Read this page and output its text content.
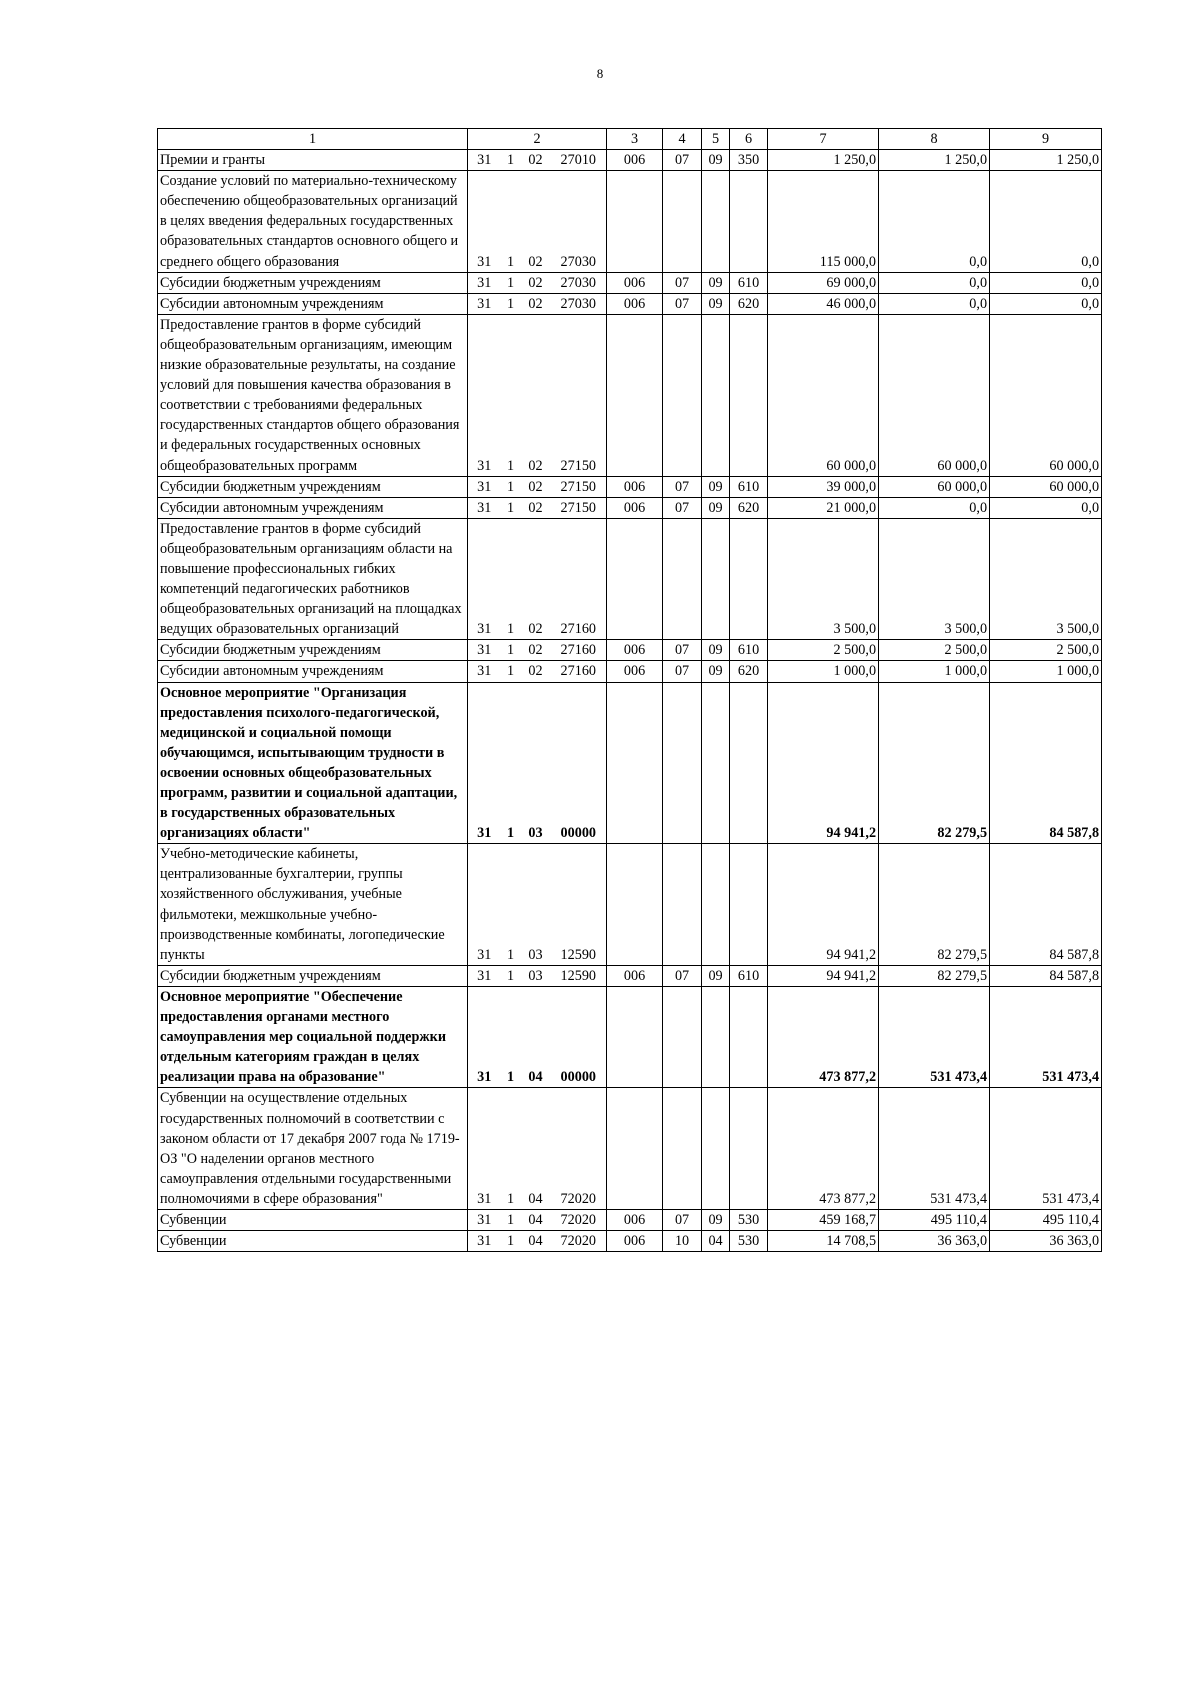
8
1	2				3	4	5	6	7	8	9
Премии и гранты	31	1	02	27010	006	07	09	350	1 250,0	1 250,0	1 250,0
Создание условий по материально-техническому обеспечению общеобразовательных организаций в целях введения федеральных государственных образовательных стандартов основного общего и среднего общего образования	31	1	02	27030					115 000,0	0,0	0,0
Субсидии бюджетным учреждениям	31	1	02	27030	006	07	09	610	69 000,0	0,0	0,0
Субсидии автономным учреждениям	31	1	02	27030	006	07	09	620	46 000,0	0,0	0,0
Предоставление грантов в форме субсидий общеобразовательным организациям, имеющим низкие образовательные результаты, на создание условий для повышения качества образования в соответствии с требованиями федеральных государственных стандартов общего образования и федеральных государственных основных общеобразовательных программ	31	1	02	27150					60 000,0	60 000,0	60 000,0
Субсидии бюджетным учреждениям	31	1	02	27150	006	07	09	610	39 000,0	60 000,0	60 000,0
Субсидии автономным учреждениям	31	1	02	27150	006	07	09	620	21 000,0	0,0	0,0
Предоставление грантов в форме субсидий общеобразовательным организациям области на повышение профессиональных гибких компетенций педагогических работников общеобразовательных организаций на площадках ведущих образовательных организаций	31	1	02	27160					3 500,0	3 500,0	3 500,0
Субсидии бюджетным учреждениям	31	1	02	27160	006	07	09	610	2 500,0	2 500,0	2 500,0
Субсидии автономным учреждениям	31	1	02	27160	006	07	09	620	1 000,0	1 000,0	1 000,0
Основное мероприятие "Организация предоставления психолого-педагогической, медицинской и социальной помощи обучающимся, испытывающим трудности в освоении основных общеобразовательных программ, развитии и социальной адаптации, в государственных образовательных организациях области"	31	1	03	00000					94 941,2	82 279,5	84 587,8
Учебно-методические кабинеты, централизованные бухгалтерии, группы хозяйственного обслуживания, учебные фильмотеки, межшкольные учебно-производственные комбинаты, логопедические пункты	31	1	03	12590					94 941,2	82 279,5	84 587,8
Субсидии бюджетным учреждениям	31	1	03	12590	006	07	09	610	94 941,2	82 279,5	84 587,8
Основное мероприятие "Обеспечение предоставления органами местного самоуправления мер социальной поддержки отдельным категориям граждан в целях реализации права на образование"	31	1	04	00000					473 877,2	531 473,4	531 473,4
Субвенции на осуществление отдельных государственных полномочий в соответствии с законом области от 17 декабря 2007 года № 1719-ОЗ "О наделении органов местного самоуправления отдельными государственными полномочиями в сфере образования"	31	1	04	72020					473 877,2	531 473,4	531 473,4
Субвенции	31	1	04	72020	006	07	09	530	459 168,7	495 110,4	495 110,4
Субвенции	31	1	04	72020	006	10	04	530	14 708,5	36 363,0	36 363,0
